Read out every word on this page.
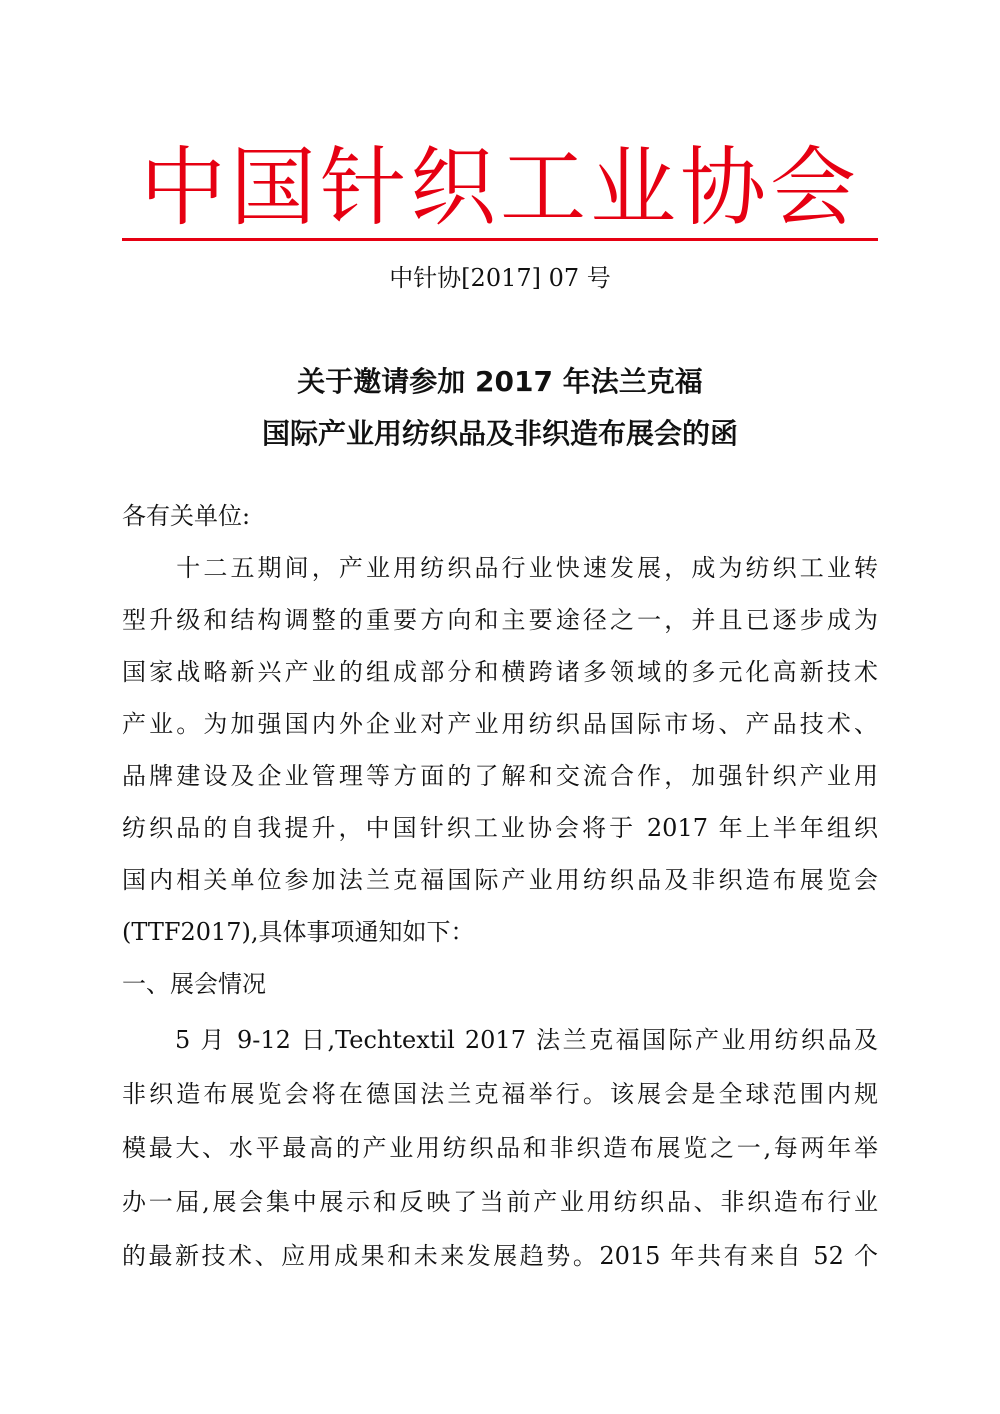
中国针织工业协会
中针协[2017] 07 号
关于邀请参加 2017 年法兰克福
国际产业用纺织品及非织造布展会的函
各有关单位:
　　十二五期间，产业用纺织品行业快速发展，成为纺织工业转
型升级和结构调整的重要方向和主要途径之一，并且已逐步成为
国家战略新兴产业的组成部分和横跨诸多领域的多元化高新技术
产业。为加强国内外企业对产业用纺织品国际市场、产品技术、
品牌建设及企业管理等方面的了解和交流合作，加强针织产业用
纺织品的自我提升，中国针织工业协会将于 2017 年上半年组织
国内相关单位参加法兰克福国际产业用纺织品及非织造布展览会
(TTF2017),具体事项通知如下：
一、展会情况
　　5 月 9-12 日,Techtextil 2017 法兰克福国际产业用纺织品及
非织造布展览会将在德国法兰克福举行。该展会是全球范围内规
模最大、水平最高的产业用纺织品和非织造布展览之一,每两年举
办一届,展会集中展示和反映了当前产业用纺织品、非织造布行业
的最新技术、应用成果和未来发展趋势。2015 年共有来自 52 个
